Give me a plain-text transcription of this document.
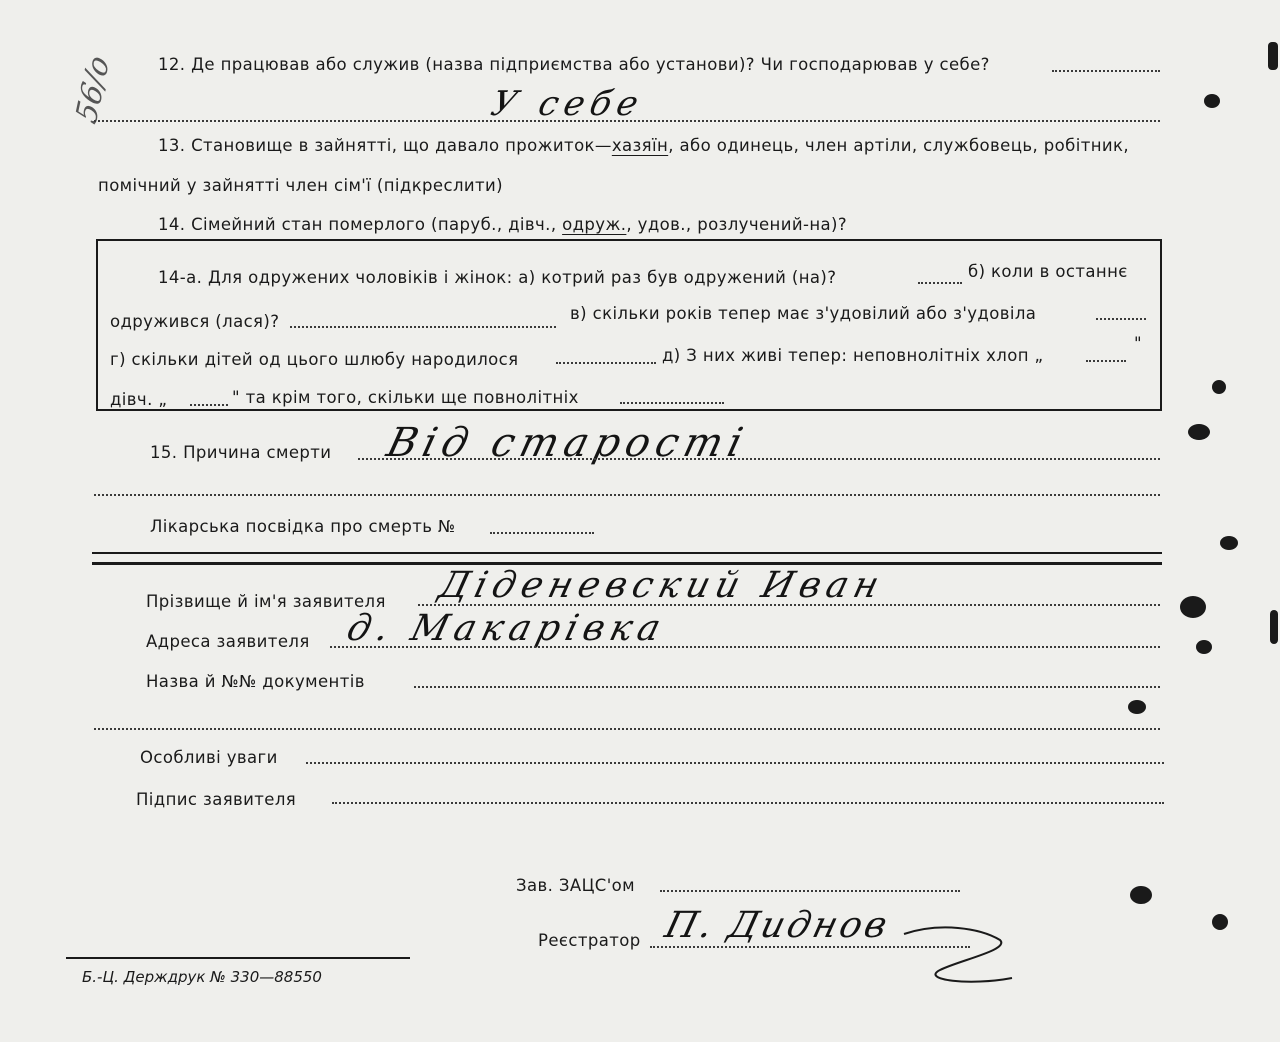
56/о	12. Де працював або служив (назва підприємства або установи)? Чи господарював у себе?
У себе
13. Становище в зайнятті, що давало прожиток—хазяїн, або одинець, член артіли, службовець, робітник,
помічний у зайнятті член сім'ї (підкреслити)
14. Сімейний стан померлого (паруб., дівч., одруж., удов., розлучений-на)?
14-а. Для одружених чоловіків і жінок: а) котрий раз був одружений (на)?	б) коли в останнє
одружився (лася)?	в) скільки років тепер має з'удовілий або з'удовіла
г) скільки дітей од цього шлюбу народилося	д) З них живі тепер: неповнолітніх хлоп „
"
дівч. „	" та крім того, скільки ще повнолітніх
15. Причина смерти Від старості
Лікарська посвідка про смерть №
Прізвище й ім'я заявителя Діденевский Иван
Адреса заявителя д. Макарівка
Назва й №№ документів
Особливі уваги
Підпис заявителя
Зав. ЗАЦС'ом
Реєстратор П. Диднов
Б.-Ц. Держдрук № 330—88550
